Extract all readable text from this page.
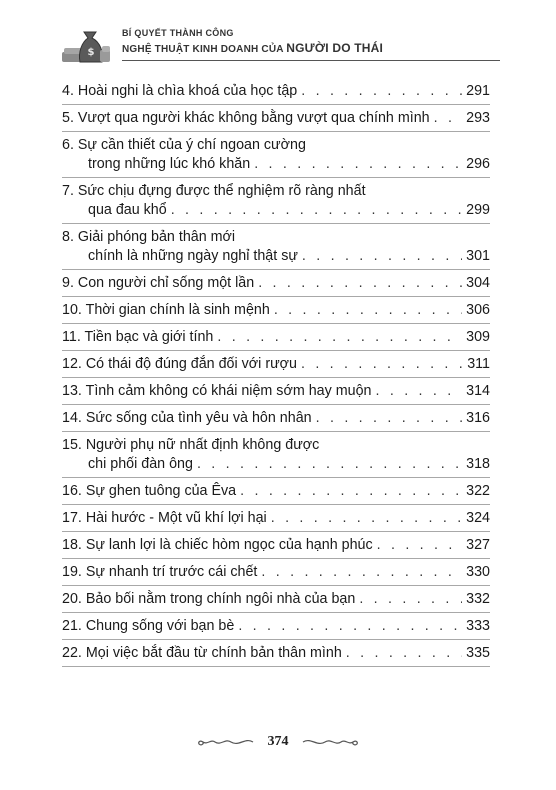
$
BÍ QUYẾT THÀNH CÔNG
NGHỆ THUẬT KINH DOANH CỦA NGƯỜI DO THÁI
4. Hoài nghi là chìa khoá của học tập . . .	291
5. Vượt qua người khác không bằng vượt qua chính mình . . .	293
6. Sự cần thiết của ý chí ngoan cường
trong những lúc khó khăn . . .	296
7. Sức chịu đựng được thể nghiệm rõ ràng nhất
qua đau khổ . . .	299
8. Giải phóng bản thân mới
chính là những ngày nghỉ thật sự . . .	301
9. Con người chỉ sống một lần . . .	304
10. Thời gian chính là sinh mệnh . . .	306
11. Tiền bạc và giới tính . . .	309
12. Có thái độ đúng đắn đối với rượu . . .	311
13. Tình cảm không có khái niệm sớm hay muộn . . .	314
14. Sức sống của tình yêu và hôn nhân . . .	316
15. Người phụ nữ nhất định không được
chi phối đàn ông . . .	318
16. Sự ghen tuông của Êva . . .	322
17. Hài hước - Một vũ khí lợi hại . . .	324
18. Sự lanh lợi là chiếc hòm ngọc của hạnh phúc . . .	327
19. Sự nhanh trí trước cái chết . . .	330
20. Bảo bối nằm trong chính ngôi nhà của bạn . . .	332
21. Chung sống với bạn bè . . .	333
22. Mọi việc bắt đầu từ chính bản thân mình . . .	335
374
